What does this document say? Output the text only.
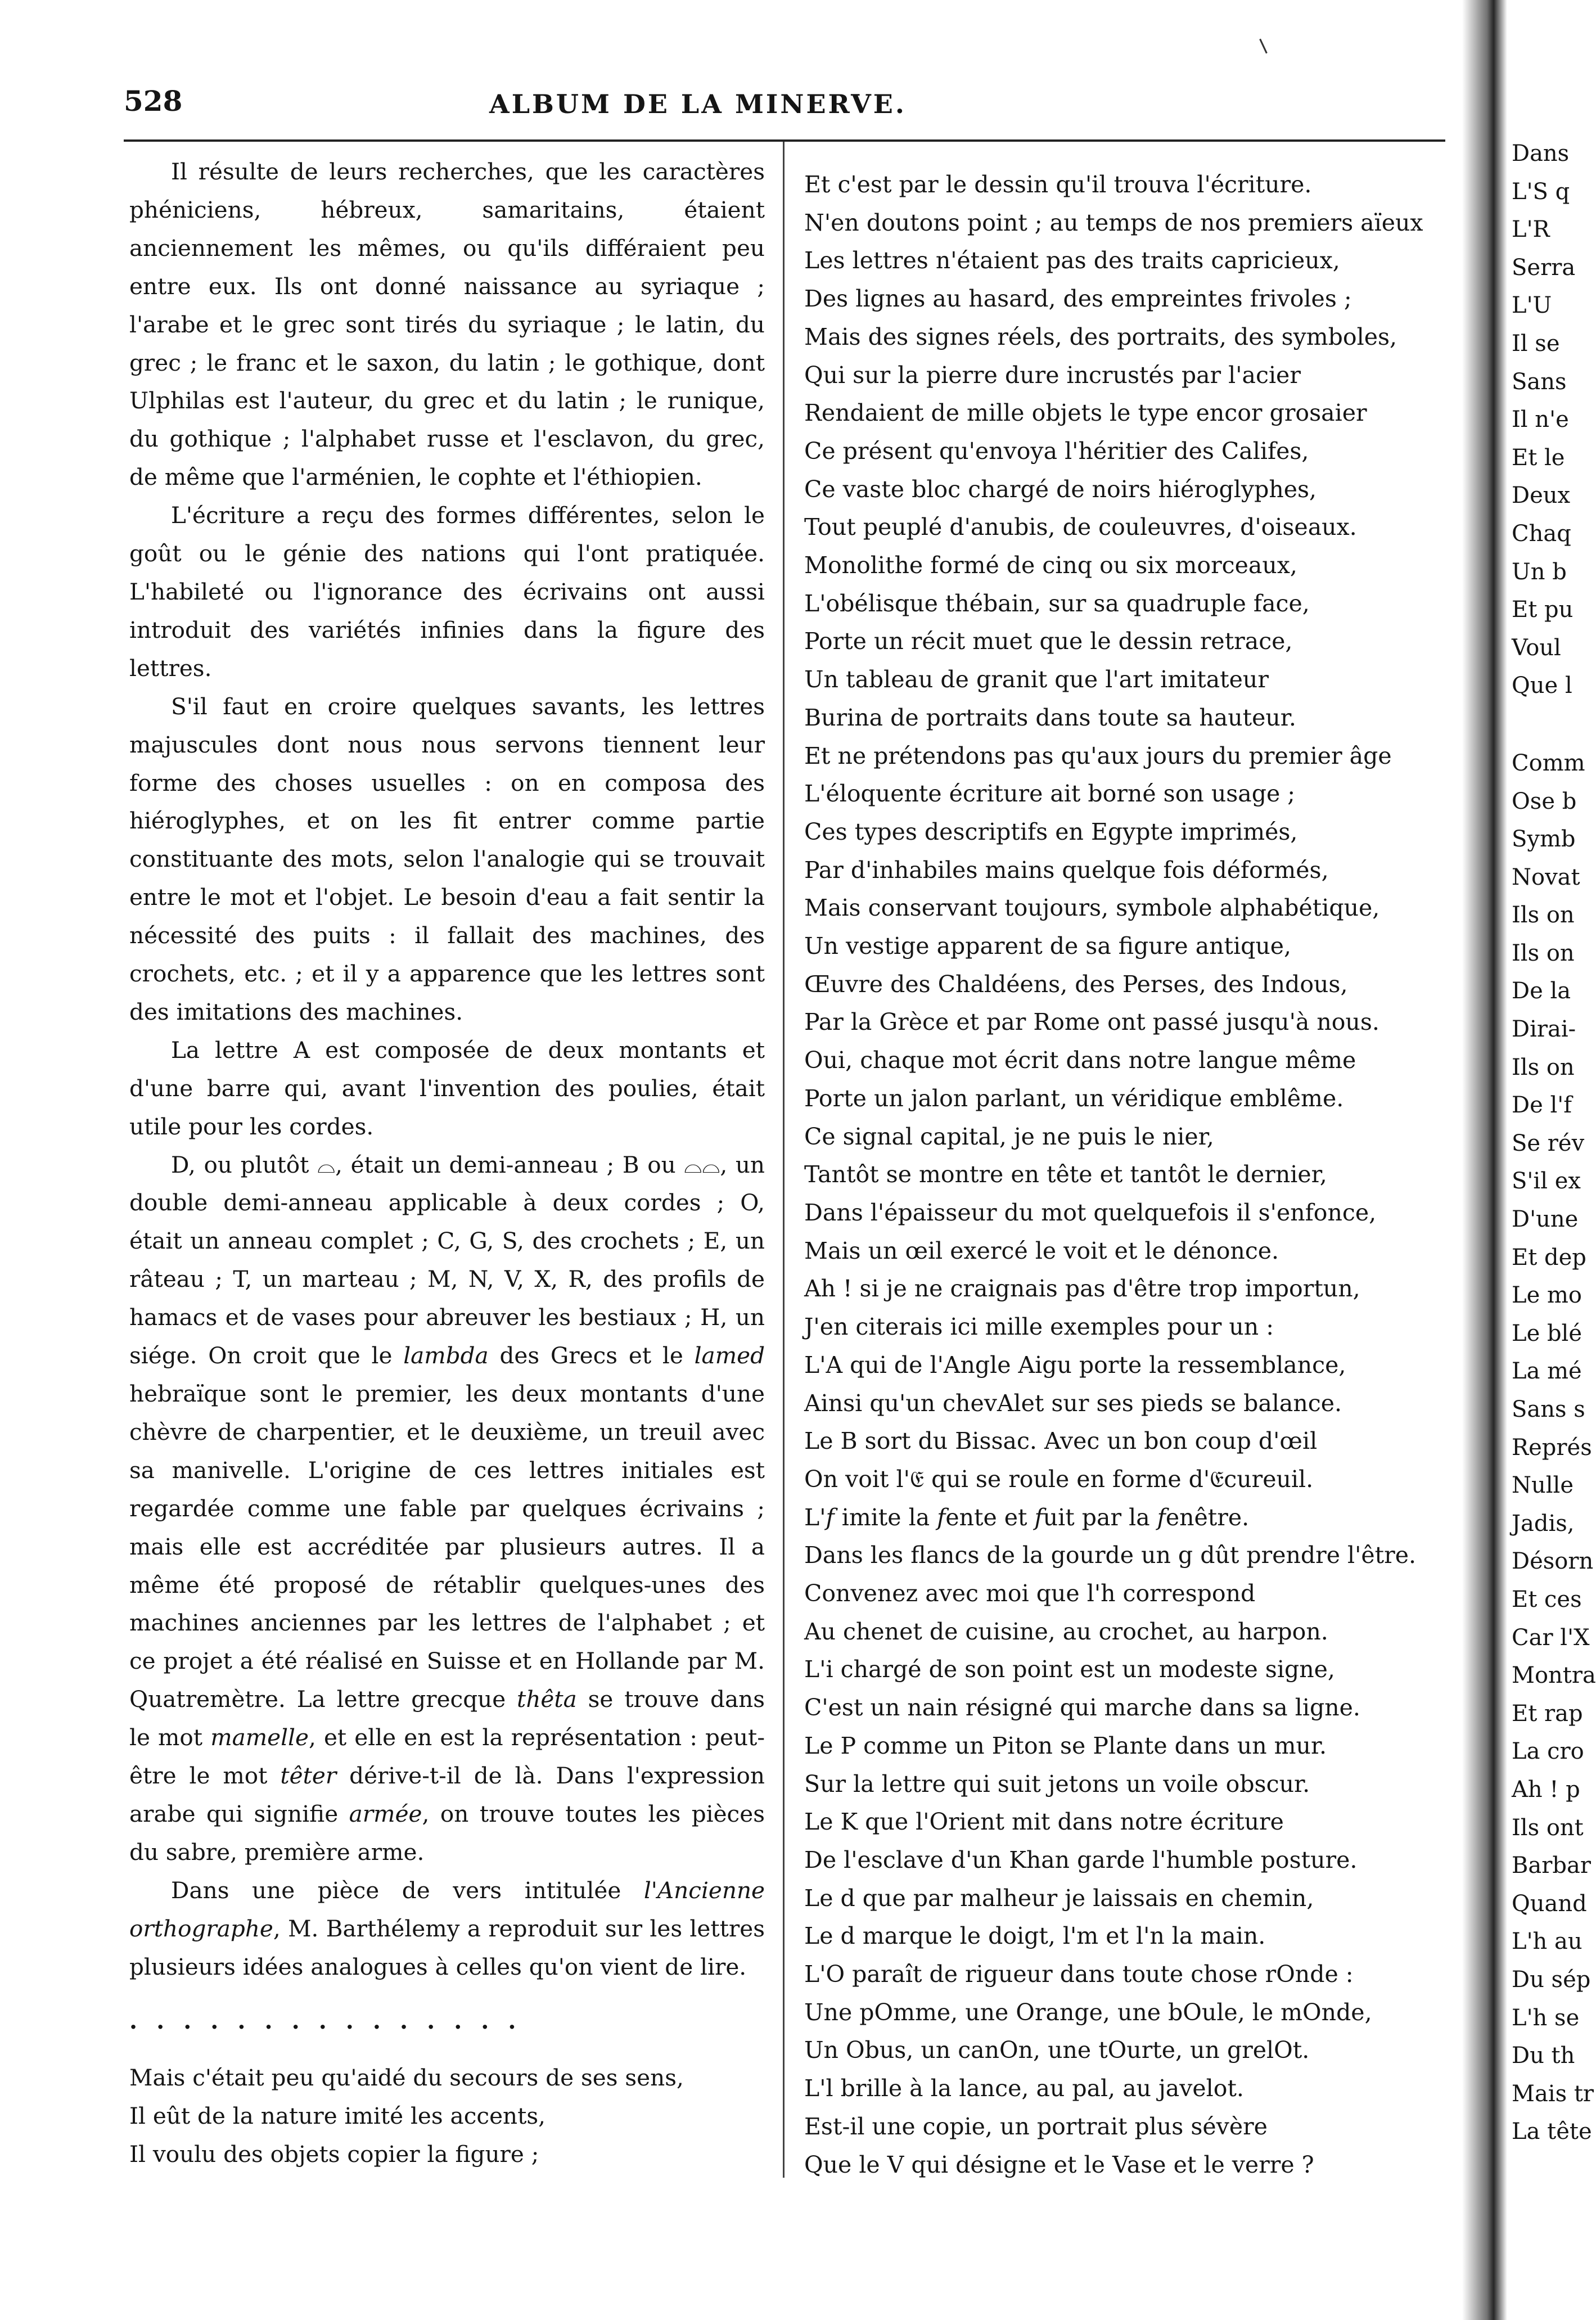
528	ALBUM DE LA MINERVE.

Il résulte de leurs recherches, que les caractères phéniciens, hébreux, samaritains, étaient anciennement les mêmes, ou qu'ils différaient peu entre eux. Ils ont donné naissance au syriaque ; l'arabe et le grec sont tirés du syriaque ; le latin, du grec ; le franc et le saxon, du latin ; le gothique, dont Ulphilas est l'auteur, du grec et du latin ; le runique, du gothique ; l'alphabet russe et l'esclavon, du grec, de même que l'arménien, le cophte et l'éthiopien.

L'écriture a reçu des formes différentes, selon le goût ou le génie des nations qui l'ont pratiquée. L'habileté ou l'ignorance des écrivains ont aussi introduit des variétés infinies dans la figure des lettres.

S'il faut en croire quelques savants, les lettres majuscules dont nous nous servons tiennent leur forme des choses usuelles : on en composa des hiéroglyphes, et on les fit entrer comme partie constituante des mots, selon l'analogie qui se trouvait entre le mot et l'objet. Le besoin d'eau a fait sentir la nécessité des puits : il fallait des machines, des crochets, etc. ; et il y a apparence que les lettres sont des imitations des machines.

La lettre A est composée de deux montants et d'une barre qui, avant l'invention des poulies, était utile pour les cordes.

D, ou plutôt ⌓, était un demi-anneau ; B ou ⌓⌓, un double demi-anneau applicable à deux cordes ; O, était un anneau complet ; C, G, S, des crochets ; E, un râteau ; T, un marteau ; M, N, V, X, R, des profils de hamacs et de vases pour abreuver les bestiaux ; H, un siége. On croit que le lambda des Grecs et le lamed hebraïque sont le premier, les deux montants d'une chèvre de charpentier, et le deuxième, un treuil avec sa manivelle. L'origine de ces lettres initiales est regardée comme une fable par quelques écrivains ; mais elle est accréditée par plusieurs autres. Il a même été proposé de rétablir quelques-unes des machines anciennes par les lettres de l'alphabet ; et ce projet a été réalisé en Suisse et en Hollande par M. Quatremètre. La lettre grecque thêta se trouve dans le mot mamelle, et elle en est la représentation : peut-être le mot têter dérive-t-il de là. Dans l'expression arabe qui signifie armée, on trouve toutes les pièces du sabre, première arme.

Dans une pièce de vers intitulée l'Ancienne orthographe, M. Barthélemy a reproduit sur les lettres plusieurs idées analogues à celles qu'on vient de lire.

...............

Mais c'était peu qu'aidé du secours de ses sens,

Il eût de la nature imité les accents,

Il voulu des objets copier la figure ;

Et c'est par le dessin qu'il trouva l'écriture.
N'en doutons point ; au temps de nos premiers aïeux
Les lettres n'étaient pas des traits capricieux,
Des lignes au hasard, des empreintes frivoles ;
Mais des signes réels, des portraits, des symboles,
Qui sur la pierre dure incrustés par l'acier
Rendaient de mille objets le type encor grosaier
Ce présent qu'envoya l'héritier des Califes,
Ce vaste bloc chargé de noirs hiéroglyphes,
Tout peuplé d'anubis, de couleuvres, d'oiseaux.
Monolithe formé de cinq ou six morceaux,
L'obélisque thébain, sur sa quadruple face,
Porte un récit muet que le dessin retrace,
Un tableau de granit que l'art imitateur
Burina de portraits dans toute sa hauteur.
Et ne prétendons pas qu'aux jours du premier âge
L'éloquente écriture ait borné son usage ;
Ces types descriptifs en Egypte imprimés,
Par d'inhabiles mains quelque fois déformés,
Mais conservant toujours, symbole alphabétique,
Un vestige apparent de sa figure antique,
Œuvre des Chaldéens, des Perses, des Indous,
Par la Grèce et par Rome ont passé jusqu'à nous.
Oui, chaque mot écrit dans notre langue même
Porte un jalon parlant, un véridique emblême.
Ce signal capital, je ne puis le nier,
Tantôt se montre en tête et tantôt le dernier,
Dans l'épaisseur du mot quelquefois il s'enfonce,
Mais un œil exercé le voit et le dénonce.
Ah ! si je ne craignais pas d'être trop importun,
J'en citerais ici mille exemples pour un :
L'A qui de l'Angle Aigu porte la ressemblance,
Ainsi qu'un chevAlet sur ses pieds se balance.
Le B sort du Bissac. Avec un bon coup d'œil
On voit l'𝔈 qui se roule en forme d'𝔈cureuil.
L'𝑓 imite la 𝑓ente et 𝑓uit par la 𝑓enêtre.
Dans les flancs de la gourde un g dût prendre l'être.
Convenez avec moi que l'h correspond
Au chenet de cuisine, au crochet, au harpon.
L'i chargé de son point est un modeste signe,
C'est un nain résigné qui marche dans sa ligne.
Le P comme un Piton se Plante dans un mur.
Sur la lettre qui suit jetons un voile obscur.
Le K que l'Orient mit dans notre écriture
De l'esclave d'un Khan garde l'humble posture.
Le d que par malheur je laissais en chemin,
Le d marque le doigt, l'm et l'n la main.
L'O paraît de rigueur dans toute chose rOnde :
Une pOmme, une Orange, une bOule, le mOnde,
Un Obus, un canOn, une tOurte, un grelOt.
L'l brille à la lance, au pal, au javelot.
Est-il une copie, un portrait plus sévère
Que le V qui désigne et le Vase et le verre ?
Dans
L'S q
L'R
Serra
L'U
Il se
Sans
Il n'e
Et le
Deux
Chaq
Un b
Et pu
Voul
Que l
Comm
Ose b
Symb
Novat
Ils on
Ils on
De la
Dirai-
Ils on
De l'f
Se rév
S'il ex
D'une
Et dep
Le mo
Le blé
La mé
Sans s
Représ
Nulle
Jadis,
Désorn
Et ces
Car l'X
Montra
Et rap
La cro
Ah ! p
Ils ont
Barbar
Quand
L'h au
Du sép
L'h se
Du th
Mais tr
La tête
